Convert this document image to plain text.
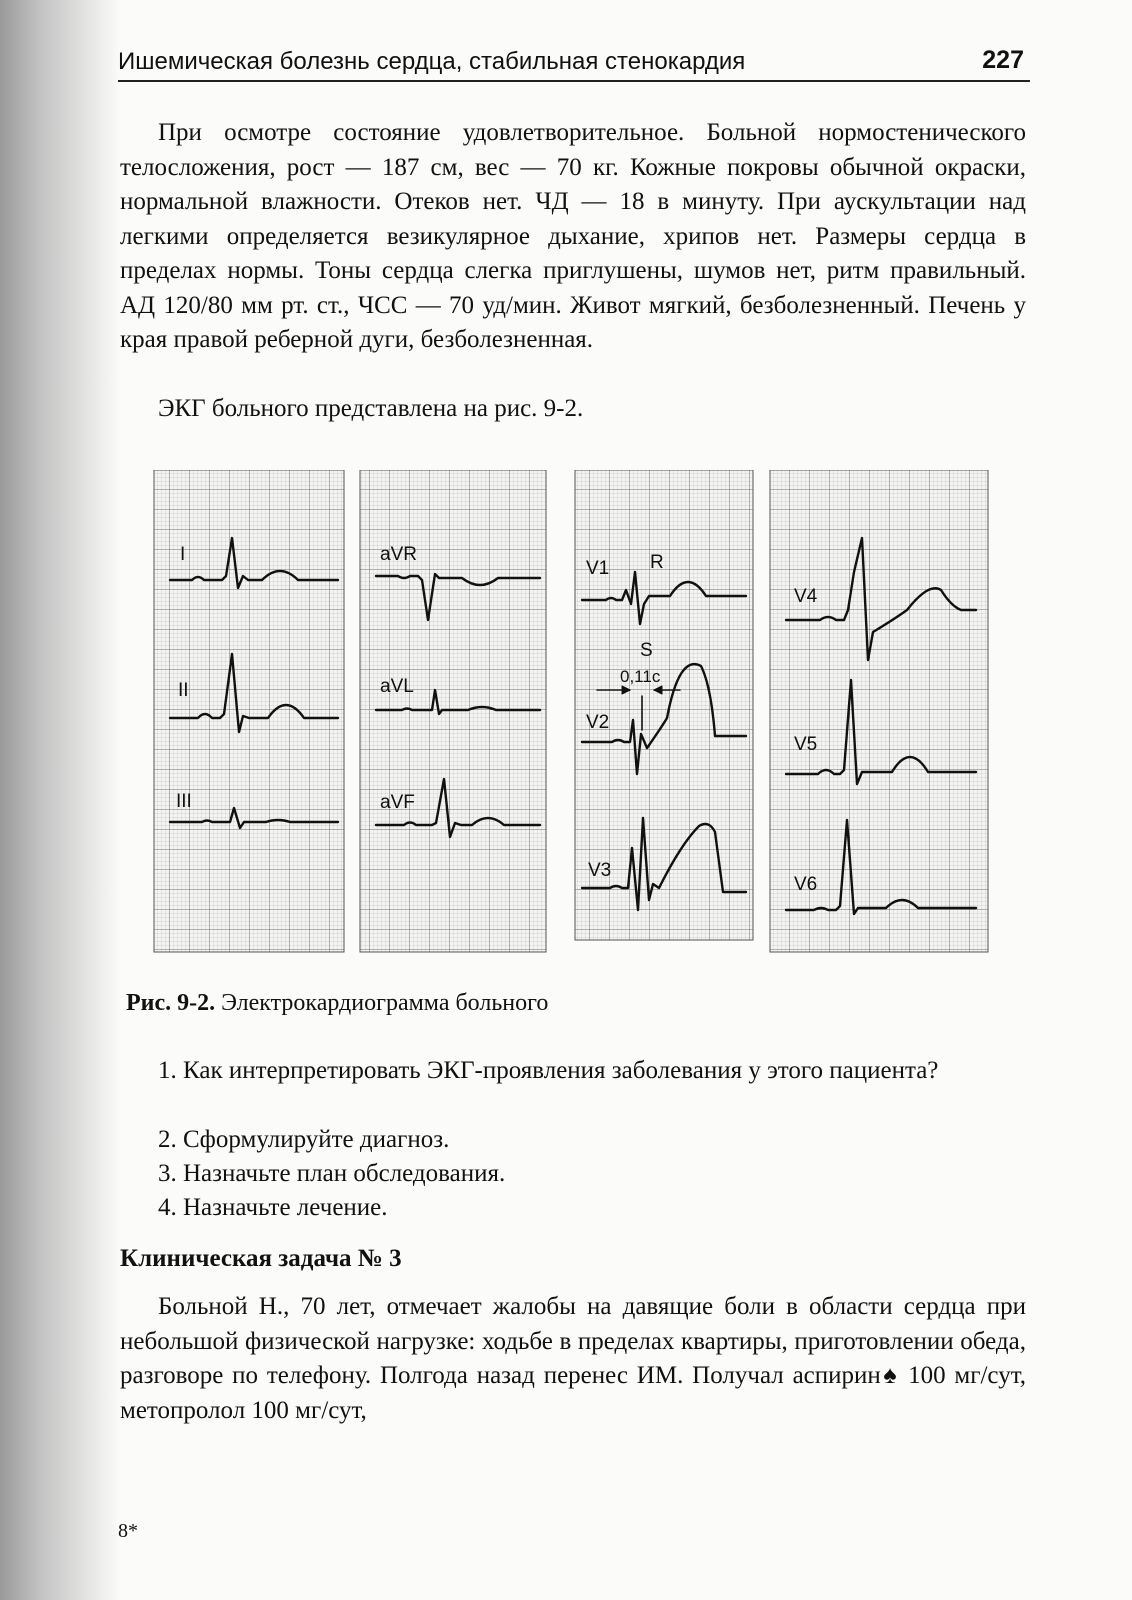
Ишемическая болезнь сердца, стабильная стенокардия	227

При осмотре состояние удовлетворительное. Больной нормостенического телосложения, рост — 187 см, вес — 70 кг. Кожные покровы обычной окраски, нормальной влажности. Отеков нет. ЧД — 18 в минуту. При аускультации над легкими определяется везикулярное дыхание, хрипов нет. Размеры сердца в пределах нормы. Тоны сердца слегка приглушены, шумов нет, ритм правильный. АД 120/80 мм рт. ст., ЧСС — 70 уд/мин. Живот мягкий, безболезненный. Печень у края правой реберной дуги, безболезненная.

ЭКГ больного представлена на рис. 9-2.

I
II
III
aVR
aVL
aVF
V1
V2
V3
V4
V5
V6
R
S
0,11с
Рис. 9-2. Электрокардиограмма больного

1. Как интерпретировать ЭКГ-проявления заболевания у этого пациента?

2. Сформулируйте диагноз.
3. Назначьте план обследования.
4. Назначьте лечение.
Клиническая задача № 3

Больной Н., 70 лет, отмечает жалобы на давящие боли в области сердца при небольшой физической нагрузке: ходьбе в пределах квартиры, приготовлении обеда, разговоре по телефону. Полгода назад перенес ИМ. Получал аспирин♠ 100 мг/сут, метопролол 100 мг/сут,

8*
